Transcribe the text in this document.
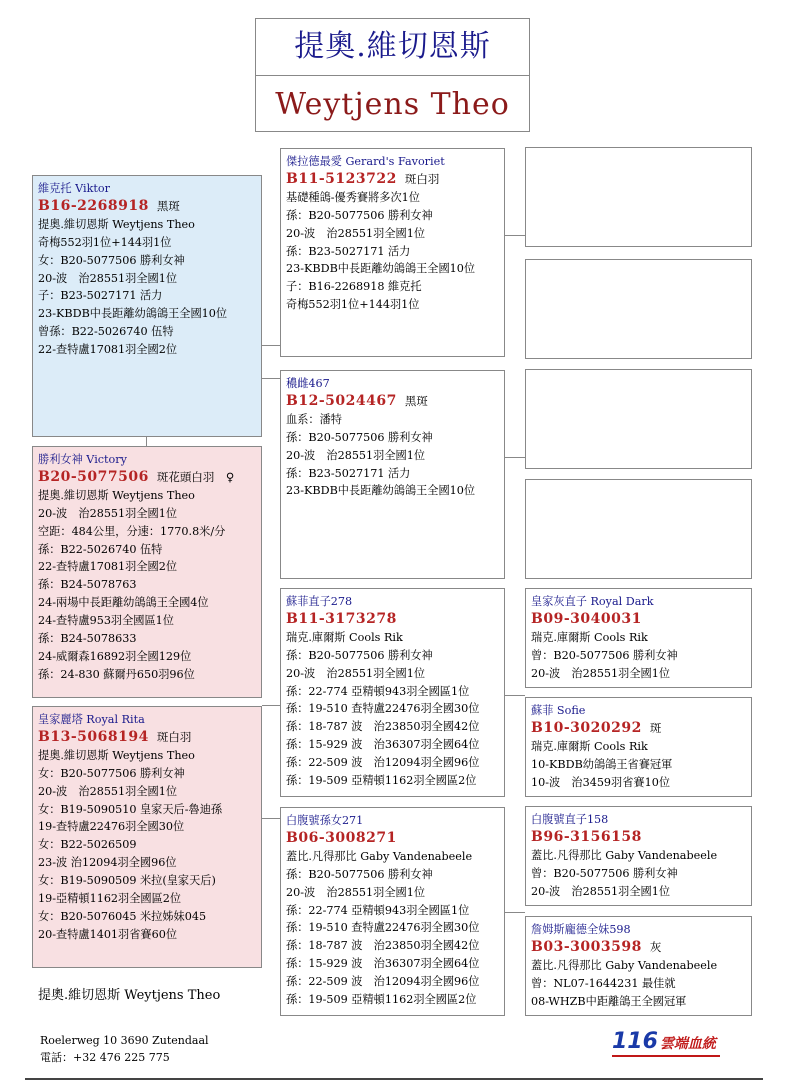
提奧.維切恩斯
Weytjens Theo
維克托 Viktor
B16-2268918 黑斑
提奧.維切恩斯 Weytjens Theo
奇梅552羽1位+144羽1位
女：B20-5077506 勝利女神
20-波　治28551羽全國1位
子：B23-5027171 活力
23-KBDB中長距離幼鴿鴿王全國10位
曾孫：B22-5026740 伍特
22-查特盧17081羽全國2位
勝利女神 Victory
B20-5077506 斑花頭白羽　♀
提奧.維切恩斯 Weytjens Theo
20-波　治28551羽全國1位
空距：484公里，分速：1770.8米/分
孫：B22-5026740 伍特
22-查特盧17081羽全國2位
孫：B24-5078763
24-兩場中長距離幼鴿鴿王全國4位
24-查特盧953羽全國區1位
孫：B24-5078633
24-威爾森16892羽全國129位
孫：24-830 蘇爾丹650羽96位
皇家麗塔 Royal Rita
B13-5068194 斑白羽
提奧.維切恩斯 Weytjens Theo
女：B20-5077506 勝利女神
20-波　治28551羽全國1位
女：B19-5090510 皇家天后-魯迪孫
19-查特盧22476羽全國30位
女：B22-5026509
23-波 治12094羽全國96位
女：B19-5090509 米拉(皇家天后)
19-亞精頓1162羽全國區2位
女：B20-5076045 米拉姊妹045
20-查特盧1401羽省賽60位
傑拉德最愛 Gerard's Favoriet
B11-5123722 斑白羽
基礎種鴿-優秀賽將多次1位
孫：B20-5077506 勝利女神
20-波　治28551羽全國1位
孫：B23-5027171 活力
23-KBDB中長距離幼鴿鴿王全國10位
子：B16-2268918 維克托
奇梅552羽1位+144羽1位
穠雌467
B12-5024467 黑斑
血系：潘特
孫：B20-5077506 勝利女神
20-波　治28551羽全國1位
孫：B23-5027171 活力
23-KBDB中長距離幼鴿鴿王全國10位
蘇菲直子278
B11-3173278
瑞克.庫爾斯 Cools Rik
孫：B20-5077506 勝利女神
20-波　治28551羽全國1位
孫：22-774 亞精頓943羽全國區1位
孫：19-510 查特盧22476羽全國30位
孫：18-787 波　治23850羽全國42位
孫：15-929 波　治36307羽全國64位
孫：22-509 波　治12094羽全國96位
孫：19-509 亞精頓1162羽全國區2位
白腹號孫女271
B06-3008271
蓋比.凡得那比 Gaby Vandenabeele
孫：B20-5077506 勝利女神
20-波　治28551羽全國1位
孫：22-774 亞精頓943羽全國區1位
孫：19-510 查特盧22476羽全國30位
孫：18-787 波　治23850羽全國42位
孫：15-929 波　治36307羽全國64位
孫：22-509 波　治12094羽全國96位
孫：19-509 亞精頓1162羽全國區2位
皇家灰直子 Royal Dark
B09-3040031
瑞克.庫爾斯 Cools Rik
曾：B20-5077506 勝利女神
20-波　治28551羽全國1位
蘇菲 Sofie
B10-3020292 斑
瑞克.庫爾斯 Cools Rik
10-KBDB幼鴿鴿王省賽冠軍
10-波　治3459羽省賽10位
白腹號直子158
B96-3156158
蓋比.凡得那比 Gaby Vandenabeele
曾：B20-5077506 勝利女神
20-波　治28551羽全國1位
詹姆斯龐德全妹598
B03-3003598 灰
蓋比.凡得那比 Gaby Vandenabeele
曾：NL07-1644231 最佳就
08-WHZB中距離鴿王全國冠軍
提奧.維切恩斯 Weytjens Theo
Roelerweg 10 3690 Zutendaal
電話：+32 476 225 775
116 雲端血統
